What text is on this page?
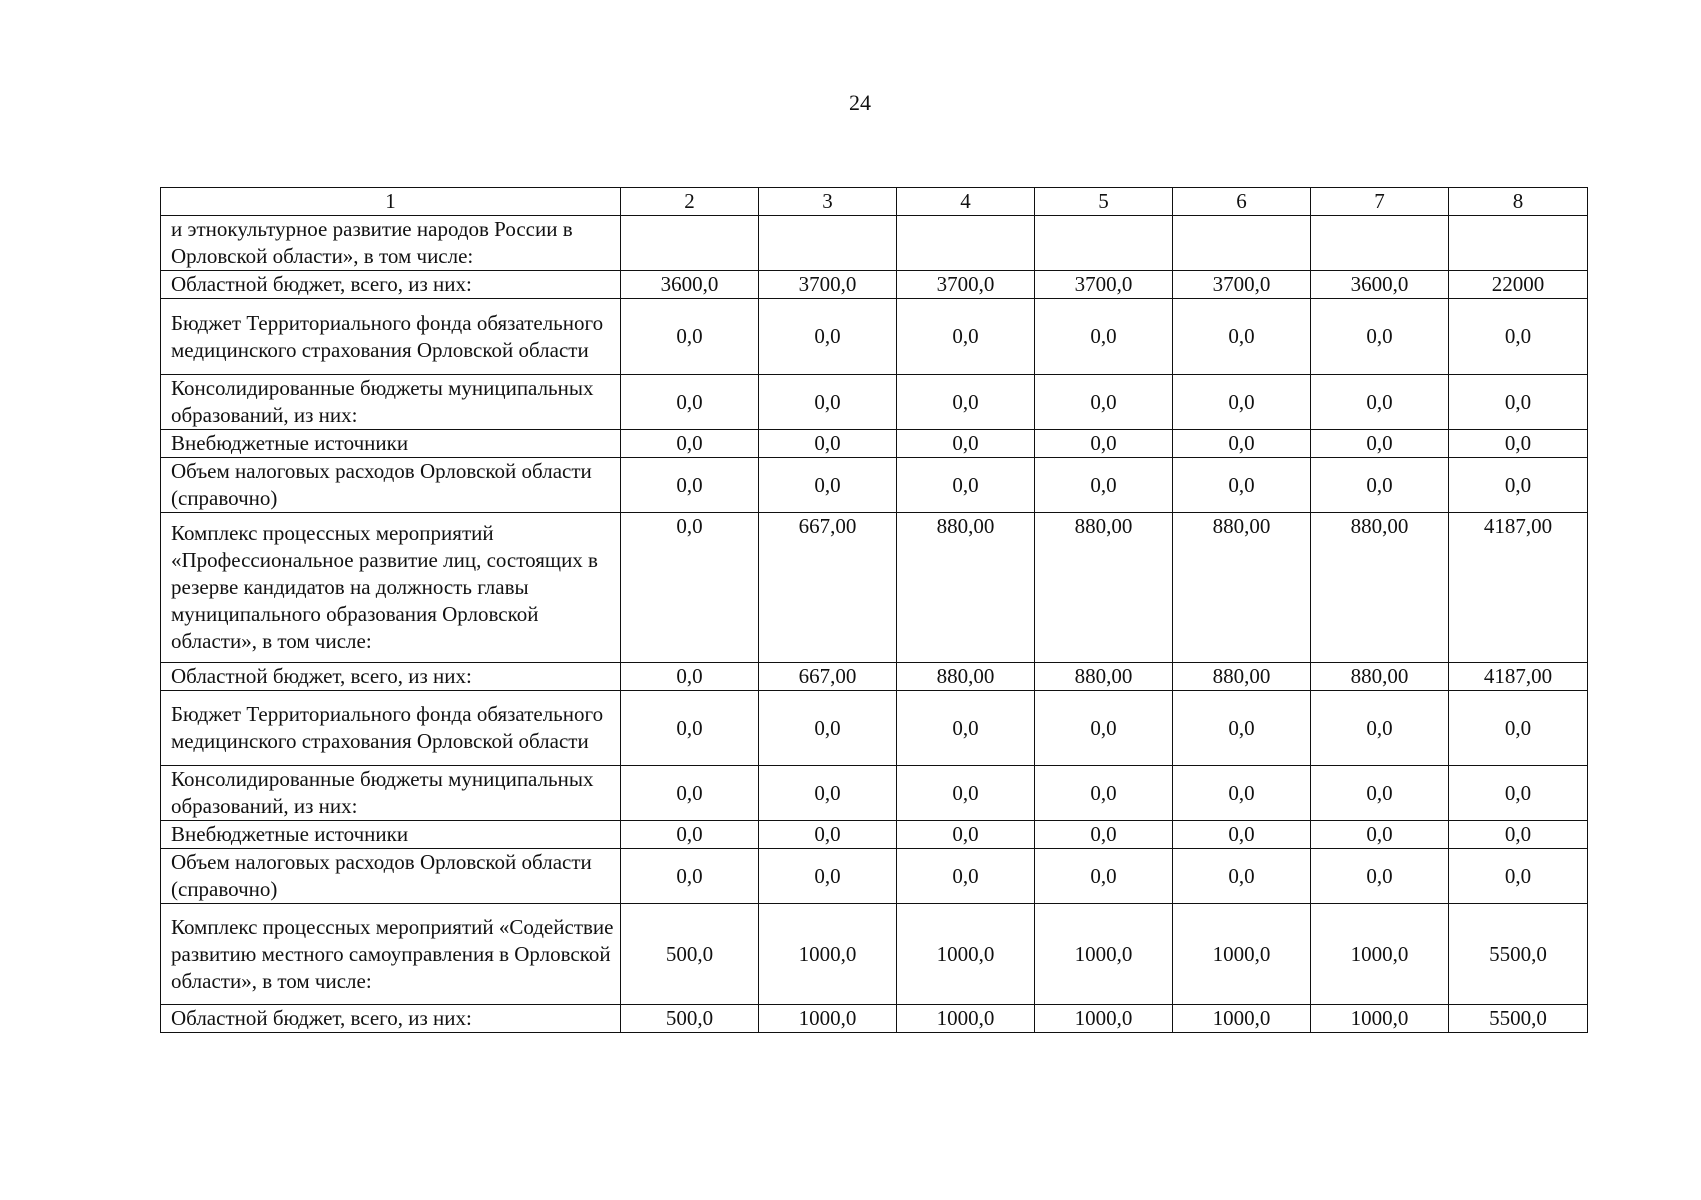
24
1	2	3	4	5	6	7	8
и этнокультурное развитие народов России в Орловской области», в том числе:							
Областной бюджет, всего, из них:	3600,0	3700,0	3700,0	3700,0	3700,0	3600,0	22000
Бюджет Территориального фонда обязательного медицинского страхования Орловской области	0,0	0,0	0,0	0,0	0,0	0,0	0,0
Консолидированные бюджеты муниципальных образований, из них:	0,0	0,0	0,0	0,0	0,0	0,0	0,0
Внебюджетные источники	0,0	0,0	0,0	0,0	0,0	0,0	0,0
Объем налоговых расходов Орловской области (справочно)	0,0	0,0	0,0	0,0	0,0	0,0	0,0
Комплекс процессных мероприятий «Профессиональное развитие лиц, состоящих в резерве кандидатов на должность главы муниципального образования Орловской области», в том числе:	0,0	667,00	880,00	880,00	880,00	880,00	4187,00
Областной бюджет, всего, из них:	0,0	667,00	880,00	880,00	880,00	880,00	4187,00
Бюджет Территориального фонда обязательного медицинского страхования Орловской области	0,0	0,0	0,0	0,0	0,0	0,0	0,0
Консолидированные бюджеты муниципальных образований, из них:	0,0	0,0	0,0	0,0	0,0	0,0	0,0
Внебюджетные источники	0,0	0,0	0,0	0,0	0,0	0,0	0,0
Объем налоговых расходов Орловской области (справочно)	0,0	0,0	0,0	0,0	0,0	0,0	0,0
Комплекс процессных мероприятий «Содействие развитию местного самоуправления в Орловской области», в том числе:	500,0	1000,0	1000,0	1000,0	1000,0	1000,0	5500,0
Областной бюджет, всего, из них:	500,0	1000,0	1000,0	1000,0	1000,0	1000,0	5500,0
